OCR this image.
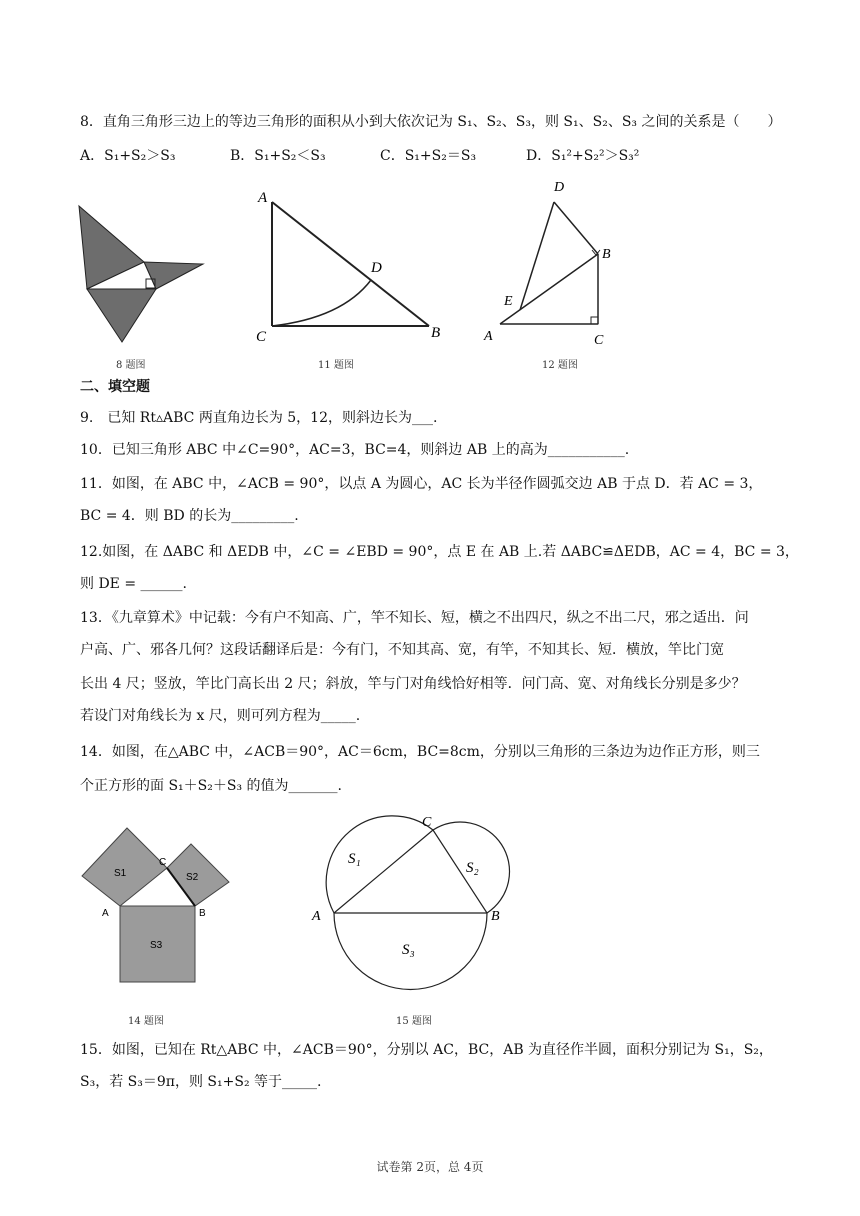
8．直角三角形三边上的等边三角形的面积从小到大依次记为 S₁、S₂、S₃，则 S₁、S₂、S₃ 之间的关系是（　　）
A．S₁+S₂＞S₃	B．S₁+S₂＜S₃	C．S₁+S₂＝S₃	D．S₁²+S₂²＞S₃²
8 题图
A
C	B
D
11 题图
D
B
E
A	C
12 题图
二、填空题
9.　已知 Rt▵ABC 两直角边长为 5，12，则斜边长为___.
10．已知三角形 ABC 中∠C=90°，AC=3，BC=4，则斜边 AB 上的高为___________.
11．如图，在 ABC 中，∠ACB = 90°，以点 A 为圆心，AC 长为半径作圆弧交边 AB 于点 D．若 AC = 3，
BC = 4．则 BD 的长为_________.
12.如图，在 ΔABC 和 ΔEDB 中，∠C = ∠EBD = 90°，点 E 在 AB 上.若 ΔABC≌ΔEDB，AC = 4，BC = 3，
则 DE = ______.
13．《九章算术》中记载：今有户不知高、广，竿不知长、短，横之不出四尺，纵之不出二尺，邪之适出．问
户高、广、邪各几何？这段话翻译后是：今有门，不知其高、宽，有竿，不知其长、短．横放，竿比门宽
长出 4 尺；竖放，竿比门高长出 2 尺；斜放，竿与门对角线恰好相等．问门高、宽、对角线长分别是多少？
若设门对角线长为 x 尺，则可列方程为_____.
14．如图，在△ABC 中，∠ACB＝90°，AC＝6cm，BC=8cm，分别以三角形的三条边为边作正方形，则三
个正方形的面 S₁＋S₂＋S₃ 的值为_______.
S1	S2
S3
A	B
C
14 题图
S₁
S₂
S₃
A	B
C
15 题图
15．如图，已知在 Rt△ABC 中，∠ACB＝90°，分别以 AC，BC，AB 为直径作半圆，面积分别记为 S₁，S₂，
S₃，若 S₃＝9π，则 S₁+S₂ 等于_____.
试卷第 2页，总 4页
